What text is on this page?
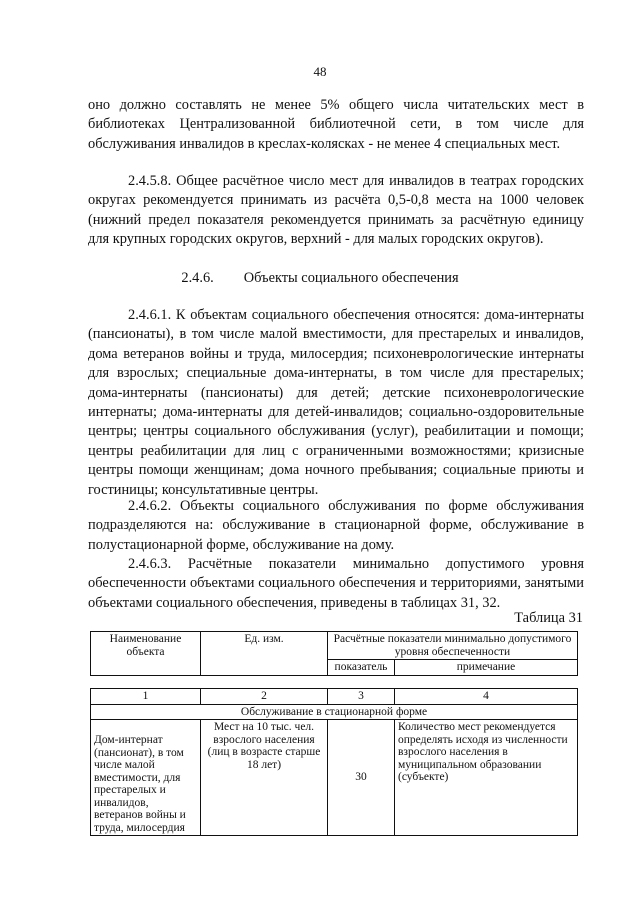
48

оно должно составлять не менее 5% общего числа читательских мест в библиотеках Централизованной библиотечной сети, в том числе для обслуживания инвалидов в креслах-колясках - не менее 4 специальных мест.

2.4.5.8. Общее расчётное число мест для инвалидов в театрах городских округах рекомендуется принимать из расчёта 0,5-0,8 места на 1000 человек (нижний предел показателя рекомендуется принимать за расчётную единицу для крупных городских округов, верхний - для малых городских округов).

2.4.6. Объекты социального обеспечения

2.4.6.1. К объектам социального обеспечения относятся: дома-интернаты (пансионаты), в том числе малой вместимости, для престарелых и инвалидов, дома ветеранов войны и труда, милосердия; психоневрологические интернаты для взрослых; специальные дома-интернаты, в том числе для престарелых; дома-интернаты (пансионаты) для детей; детские психоневрологические интернаты; дома-интернаты для детей-инвалидов; социально-оздоровительные центры; центры социального обслуживания (услуг), реабилитации и помощи; центры реабилитации для лиц с ограниченными возможностями; кризисные центры помощи женщинам; дома ночного пребывания; социальные приюты и гостиницы; консультативные центры.

2.4.6.2. Объекты социального обслуживания по форме обслуживания подразделяются на: обслуживание в стационарной форме, обслуживание в полустационарной форме, обслуживание на дому.

2.4.6.3. Расчётные показатели минимально допустимого уровня обеспеченности объектами социального обеспечения и территориями, занятыми объектами социального обеспечения, приведены в таблицах 31, 32.

Таблица 31
Наименование объекта	Ед. изм.	Расчётные показатели минимально допустимого уровня обеспеченности	
		показатель	примечание
1	2	3	4
Обслуживание в стационарной форме			
Дом-интернат (пансионат), в том числе малой вместимости, для престарелых и инвалидов, ветеранов войны и труда, милосердия	Мест на 10 тыс. чел. взрослого населения (лиц в возрасте старше 18 лет)	30	Количество мест рекомендуется определять исходя из численности взрослого населения в муниципальном образовании (субъекте)
